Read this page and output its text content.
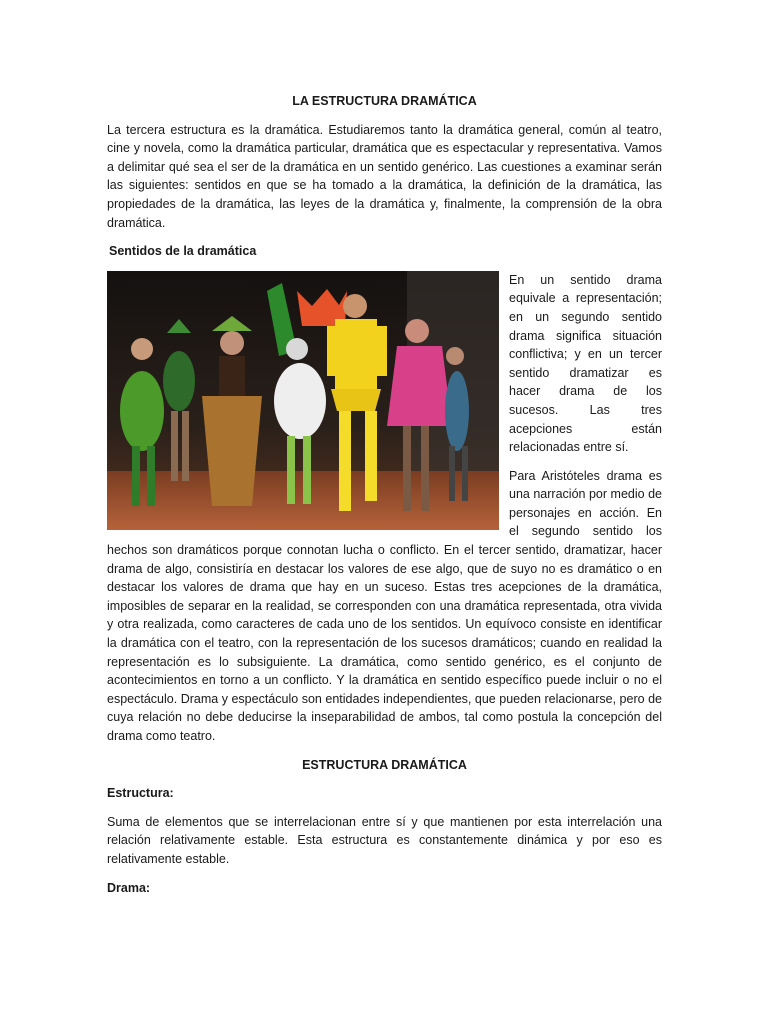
LA ESTRUCTURA DRAMÁTICA

La tercera estructura es la dramática. Estudiaremos tanto la dramática general, común al teatro, cine y novela, como la dramática particular, dramática que es espectacular y representativa. Vamos a delimitar qué sea el ser de la dramática en un sentido genérico. Las cuestiones a examinar serán las siguientes: sentidos en que se ha tomado a la dramática, la definición de la dramática, las propiedades de la dramática, las leyes de la dramática y, finalmente, la comprensión de la obra dramática.

Sentidos de la dramática

En un sentido drama equivale a representación; en un segundo sentido drama significa situación conflictiva; y en un tercer sentido dramatizar es hacer drama de los sucesos. Las tres acepciones están relacionadas entre sí.

Para Aristóteles drama es una narración por medio de personajes en acción. En el segundo sentido los hechos son dramáticos porque connotan lucha o conflicto. En el tercer sentido, dramatizar, hacer drama de algo, consistiría en destacar los valores de ese algo, que de suyo no es dramático o en destacar los valores de drama que hay en un suceso. Estas tres acepciones de la dramática, imposibles de separar en la realidad, se corresponden con una dramática representada, otra vivida y otra realizada, como caracteres de cada uno de los sentidos. Un equívoco consiste en identificar la dramática con el teatro, con la representación de los sucesos dramáticos; cuando en realidad la representación es lo subsiguiente. La dramática, como sentido genérico, es el conjunto de acontecimientos en torno a un conflicto. Y la dramática en sentido específico puede incluir o no el espectáculo. Drama y espectáculo son entidades independientes, que pueden relacionarse, pero de cuya relación no debe deducirse la inseparabilidad de ambos, tal como postula la concepción del drama como teatro.

ESTRUCTURA DRAMÁTICA

Estructura:

Suma de elementos que se interrelacionan entre sí y que mantienen por esta interrelación una relación relativamente estable. Esta estructura es constantemente dinámica y por eso es relativamente estable.

Drama:
